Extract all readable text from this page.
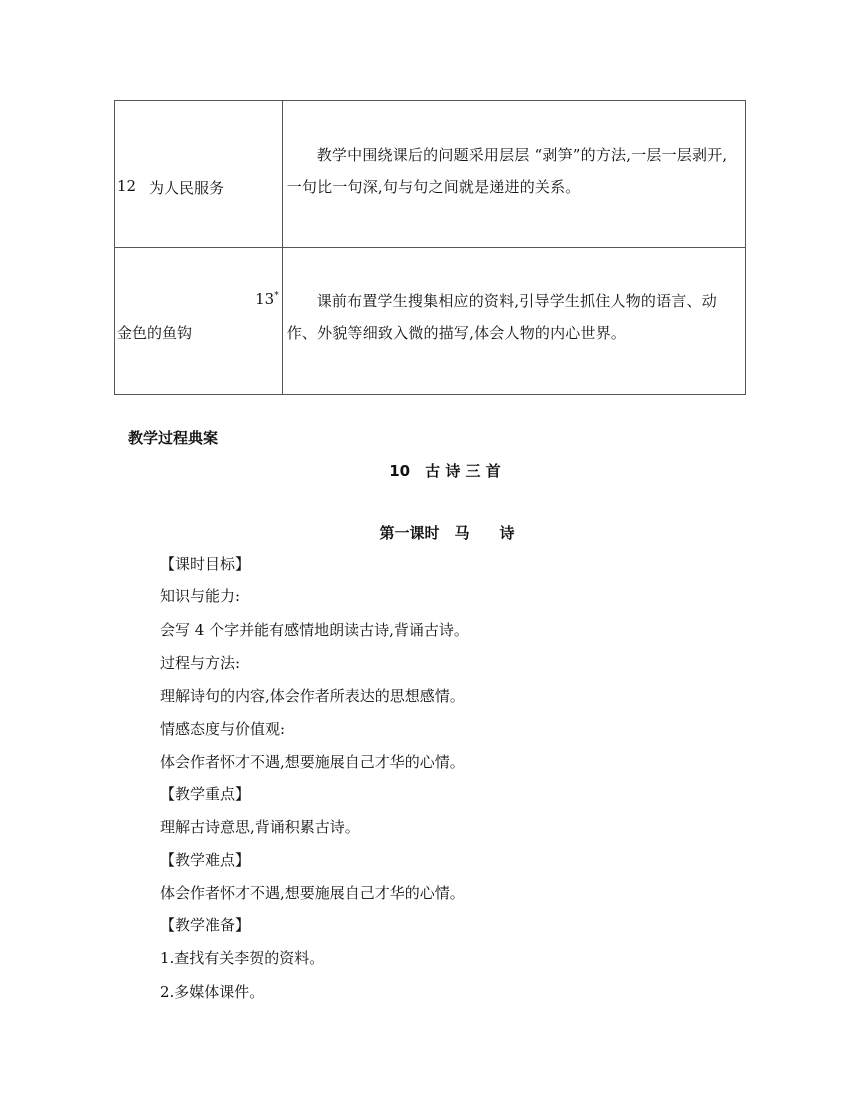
12 为人民服务	教学中围绕课后的问题采用层层 “剥笋”的方法,一层一层剥开,一句比一句深,句与句之间就是递进的关系。

13*
金色的鱼钩	课前布置学生搜集相应的资料,引导学生抓住人物的语言、动作、外貌等细致入微的描写,体会人物的内心世界。
教学过程典案
10　古 诗 三 首
第一课时　马　　诗
【课时目标】
知识与能力:
会写 4 个字并能有感情地朗读古诗,背诵古诗。
过程与方法:
理解诗句的内容,体会作者所表达的思想感情。
情感态度与价值观:
体会作者怀才不遇,想要施展自己才华的心情。
【教学重点】
理解古诗意思,背诵积累古诗。
【教学难点】
体会作者怀才不遇,想要施展自己才华的心情。
【教学准备】
1.查找有关李贺的资料。
2.多媒体课件。
